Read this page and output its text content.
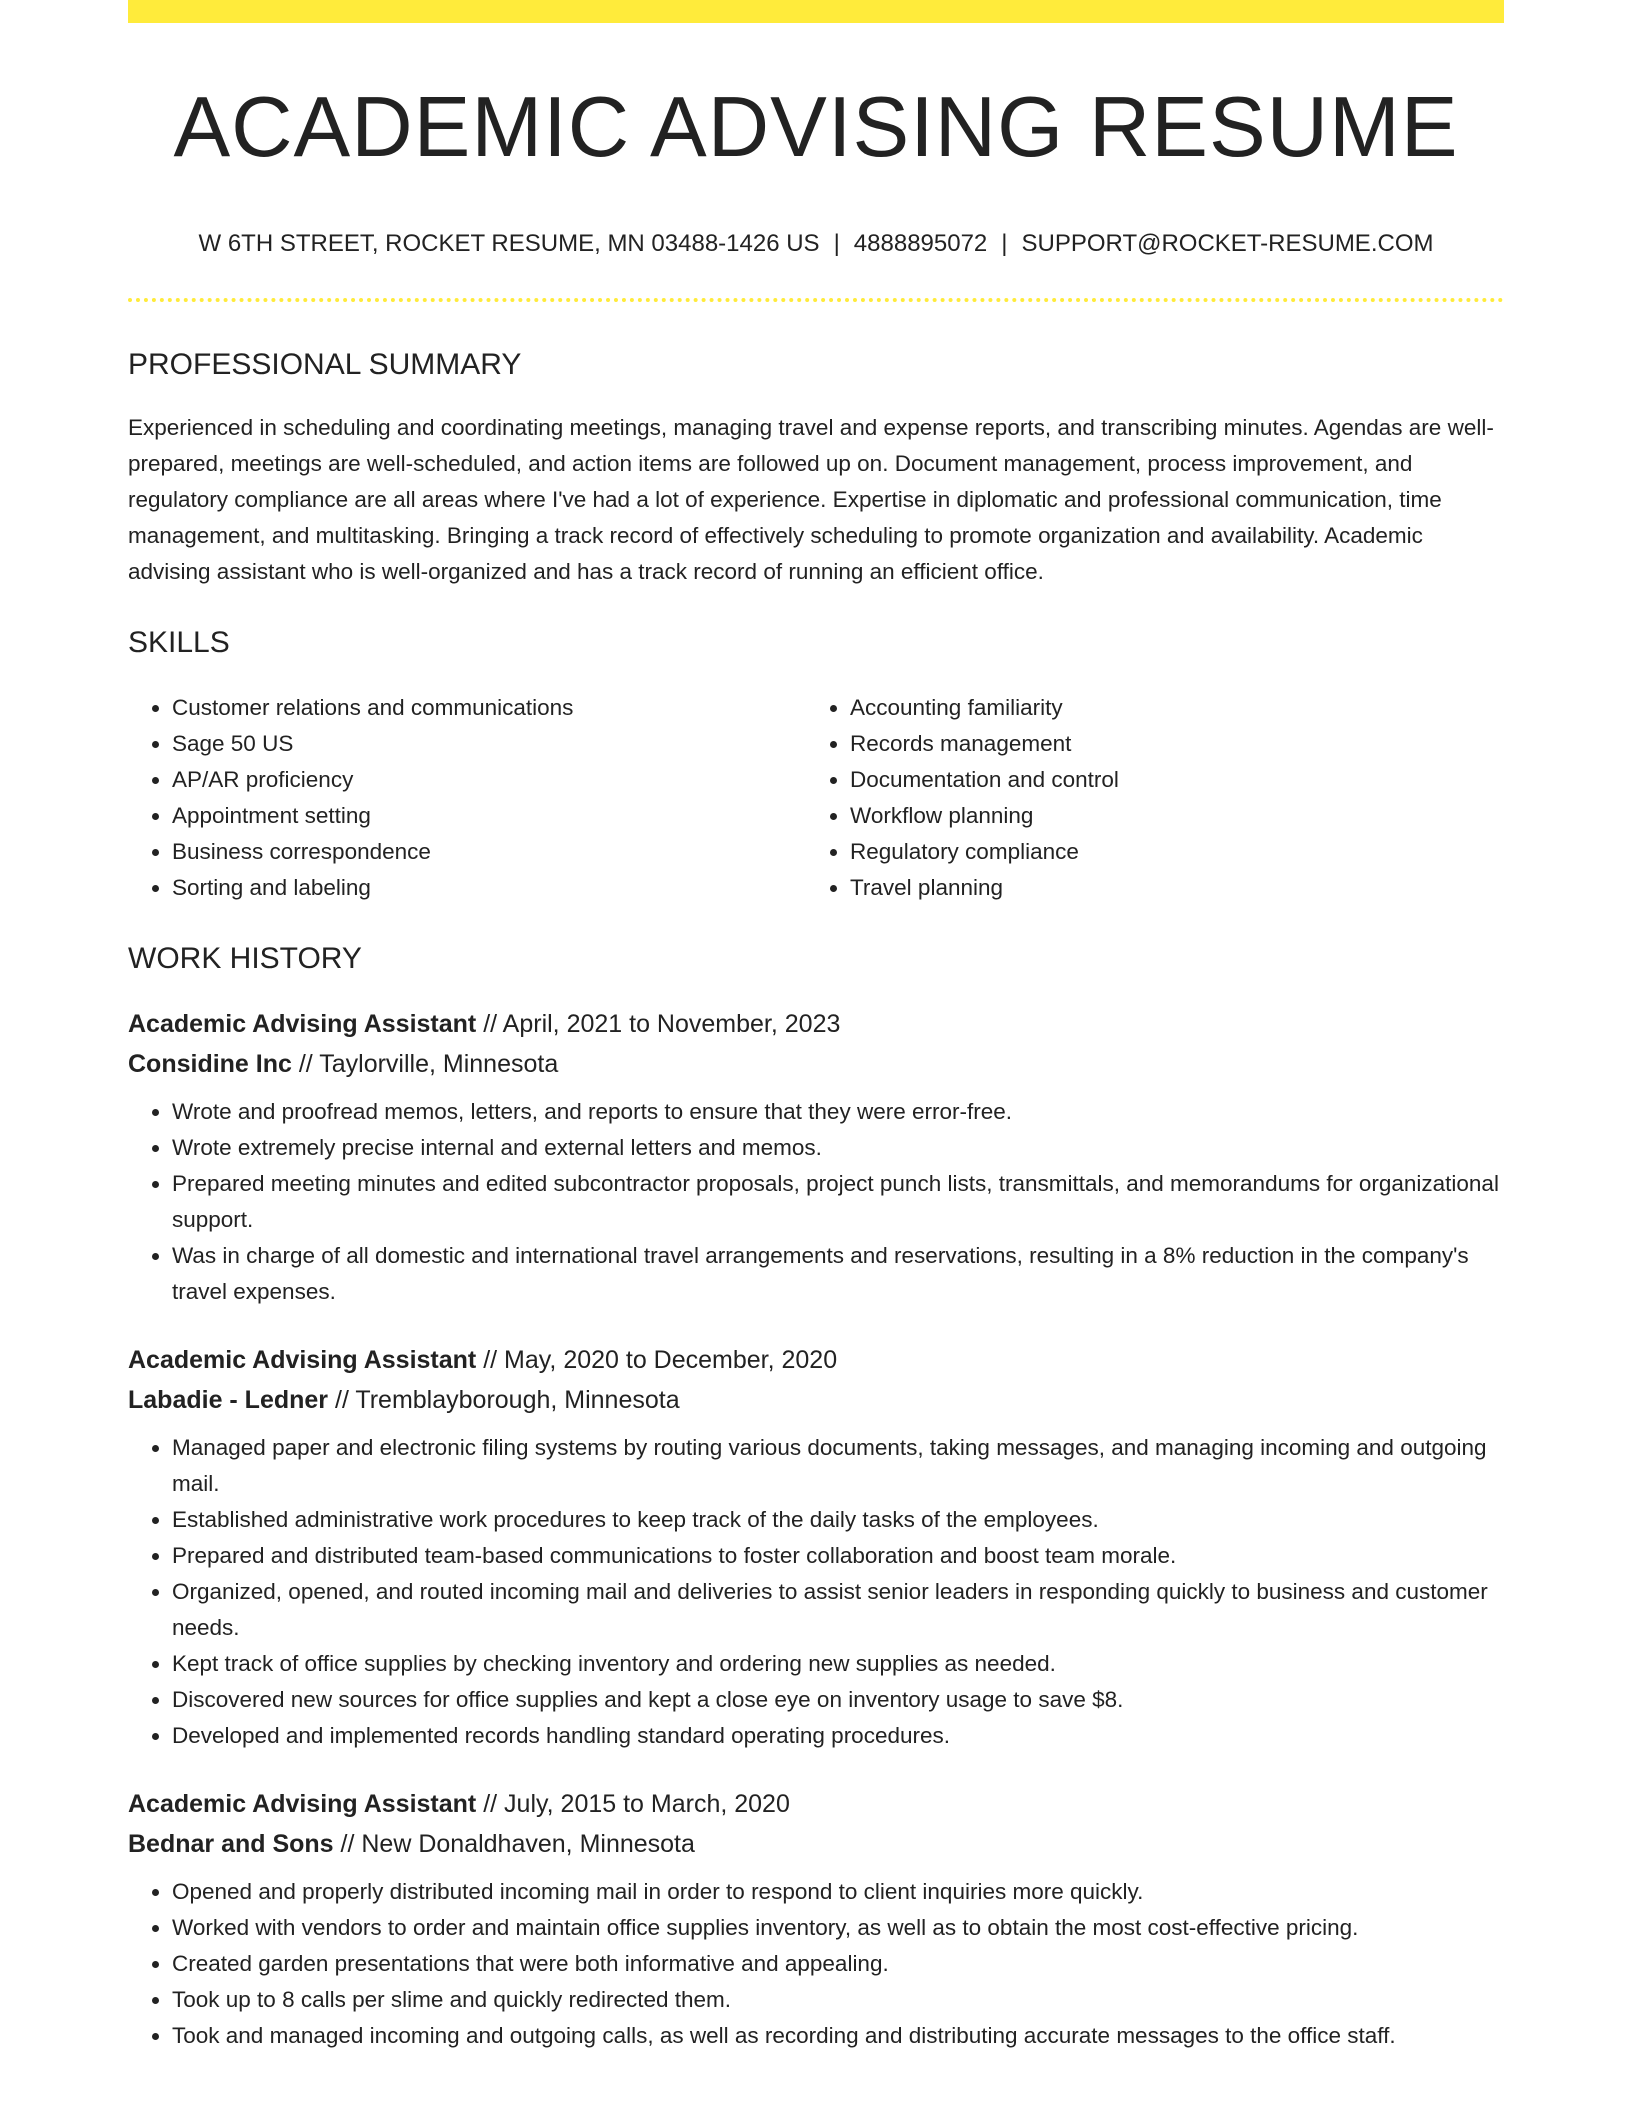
ACADEMIC ADVISING RESUME
W 6TH STREET, ROCKET RESUME, MN 03488-1426 US | 4888895072 | SUPPORT@ROCKET-RESUME.COM
PROFESSIONAL SUMMARY
Experienced in scheduling and coordinating meetings, managing travel and expense reports, and transcribing minutes. Agendas are well-prepared, meetings are well-scheduled, and action items are followed up on. Document management, process improvement, and regulatory compliance are all areas where I've had a lot of experience. Expertise in diplomatic and professional communication, time management, and multitasking. Bringing a track record of effectively scheduling to promote organization and availability. Academic advising assistant who is well-organized and has a track record of running an efficient office.
SKILLS
• Customer relations and communications
• Sage 50 US
• AP/AR proficiency
• Appointment setting
• Business correspondence
• Sorting and labeling
• Accounting familiarity
• Records management
• Documentation and control
• Workflow planning
• Regulatory compliance
• Travel planning
WORK HISTORY
Academic Advising Assistant // April, 2021 to November, 2023
Considine Inc // Taylorville, Minnesota
• Wrote and proofread memos, letters, and reports to ensure that they were error-free.
• Wrote extremely precise internal and external letters and memos.
• Prepared meeting minutes and edited subcontractor proposals, project punch lists, transmittals, and memorandums for organizational support.
• Was in charge of all domestic and international travel arrangements and reservations, resulting in a 8% reduction in the company's travel expenses.
Academic Advising Assistant // May, 2020 to December, 2020
Labadie - Ledner // Tremblayborough, Minnesota
• Managed paper and electronic filing systems by routing various documents, taking messages, and managing incoming and outgoing mail.
• Established administrative work procedures to keep track of the daily tasks of the employees.
• Prepared and distributed team-based communications to foster collaboration and boost team morale.
• Organized, opened, and routed incoming mail and deliveries to assist senior leaders in responding quickly to business and customer needs.
• Kept track of office supplies by checking inventory and ordering new supplies as needed.
• Discovered new sources for office supplies and kept a close eye on inventory usage to save $8.
• Developed and implemented records handling standard operating procedures.
Academic Advising Assistant // July, 2015 to March, 2020
Bednar and Sons // New Donaldhaven, Minnesota
• Opened and properly distributed incoming mail in order to respond to client inquiries more quickly.
• Worked with vendors to order and maintain office supplies inventory, as well as to obtain the most cost-effective pricing.
• Created garden presentations that were both informative and appealing.
• Took up to 8 calls per slime and quickly redirected them.
• Took and managed incoming and outgoing calls, as well as recording and distributing accurate messages to the office staff.
